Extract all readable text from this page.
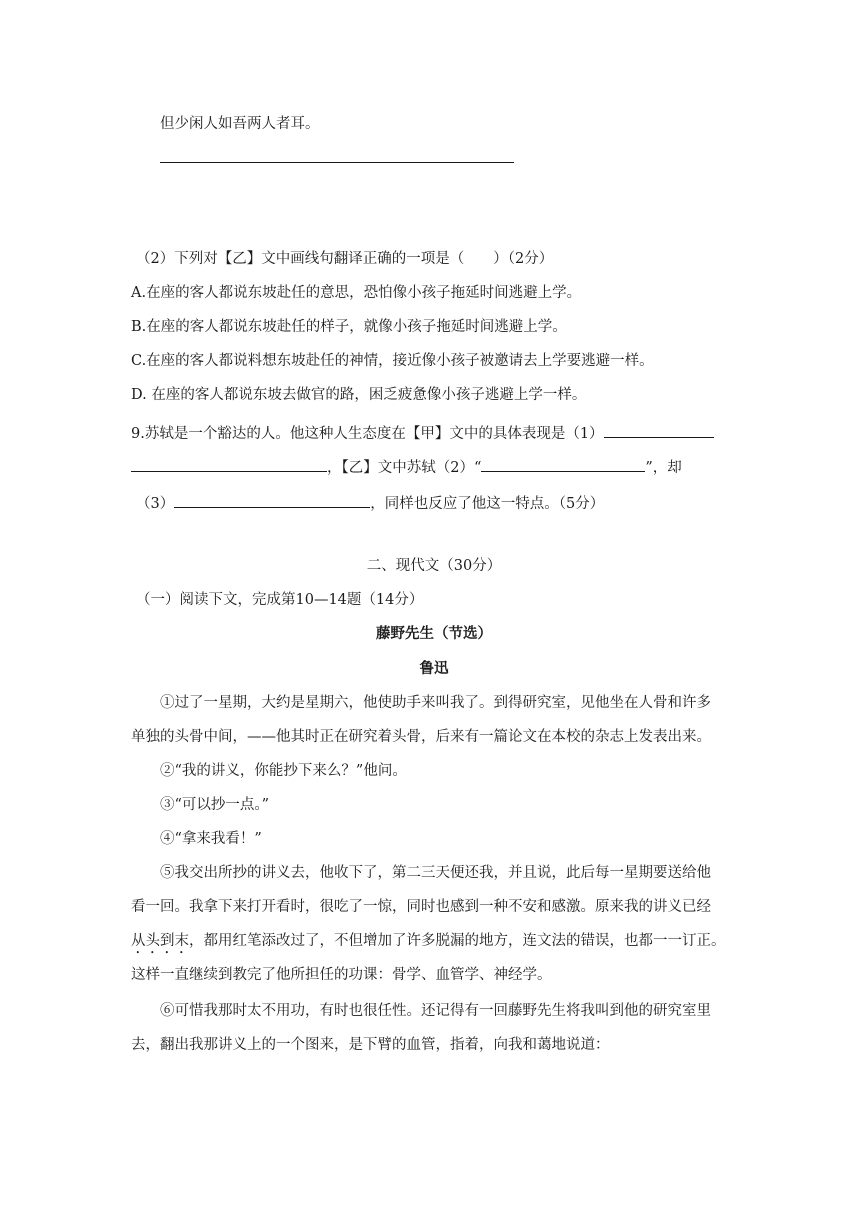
但少闲人如吾两人者耳。
（2）下列对【乙】文中画线句翻译正确的一项是（　　）（2分）
A.在座的客人都说东坡赴任的意思，恐怕像小孩子拖延时间逃避上学。
B.在座的客人都说东坡赴任的样子，就像小孩子拖延时间逃避上学。
C.在座的客人都说料想东坡赴任的神情，接近像小孩子被邀请去上学要逃避一样。
D. 在座的客人都说东坡去做官的路，困乏疲惫像小孩子逃避上学一样。
9.苏轼是一个豁达的人。他这种人生态度在【甲】文中的具体表现是（1）
，【乙】文中苏轼（2）“	”，却
（3）	，同样也反应了他这一特点。（5分）
二、现代文（30分）
（一）阅读下文，完成第10—14题（14分）
藤野先生（节选）
鲁迅
①过了一星期，大约是星期六，他使助手来叫我了。到得研究室，见他坐在人骨和许多
单独的头骨中间，——他其时正在研究着头骨，后来有一篇论文在本校的杂志上发表出来。
②“我的讲义，你能抄下来么？”他问。
③“可以抄一点。”
④“拿来我看！”
⑤我交出所抄的讲义去，他收下了，第二三天便还我，并且说，此后每一星期要送给他
看一回。我拿下来打开看时，很吃了一惊，同时也感到一种不安和感激。原来我的讲义已经
从头到末，都用红笔添改过了，不但增加了许多脱漏的地方，连文法的错误，也都一一订正。
这样一直继续到教完了他所担任的功课：骨学、血管学、神经学。
⑥可惜我那时太不用功，有时也很任性。还记得有一回藤野先生将我叫到他的研究室里
去，翻出我那讲义上的一个图来，是下臂的血管，指着，向我和蔼地说道：
